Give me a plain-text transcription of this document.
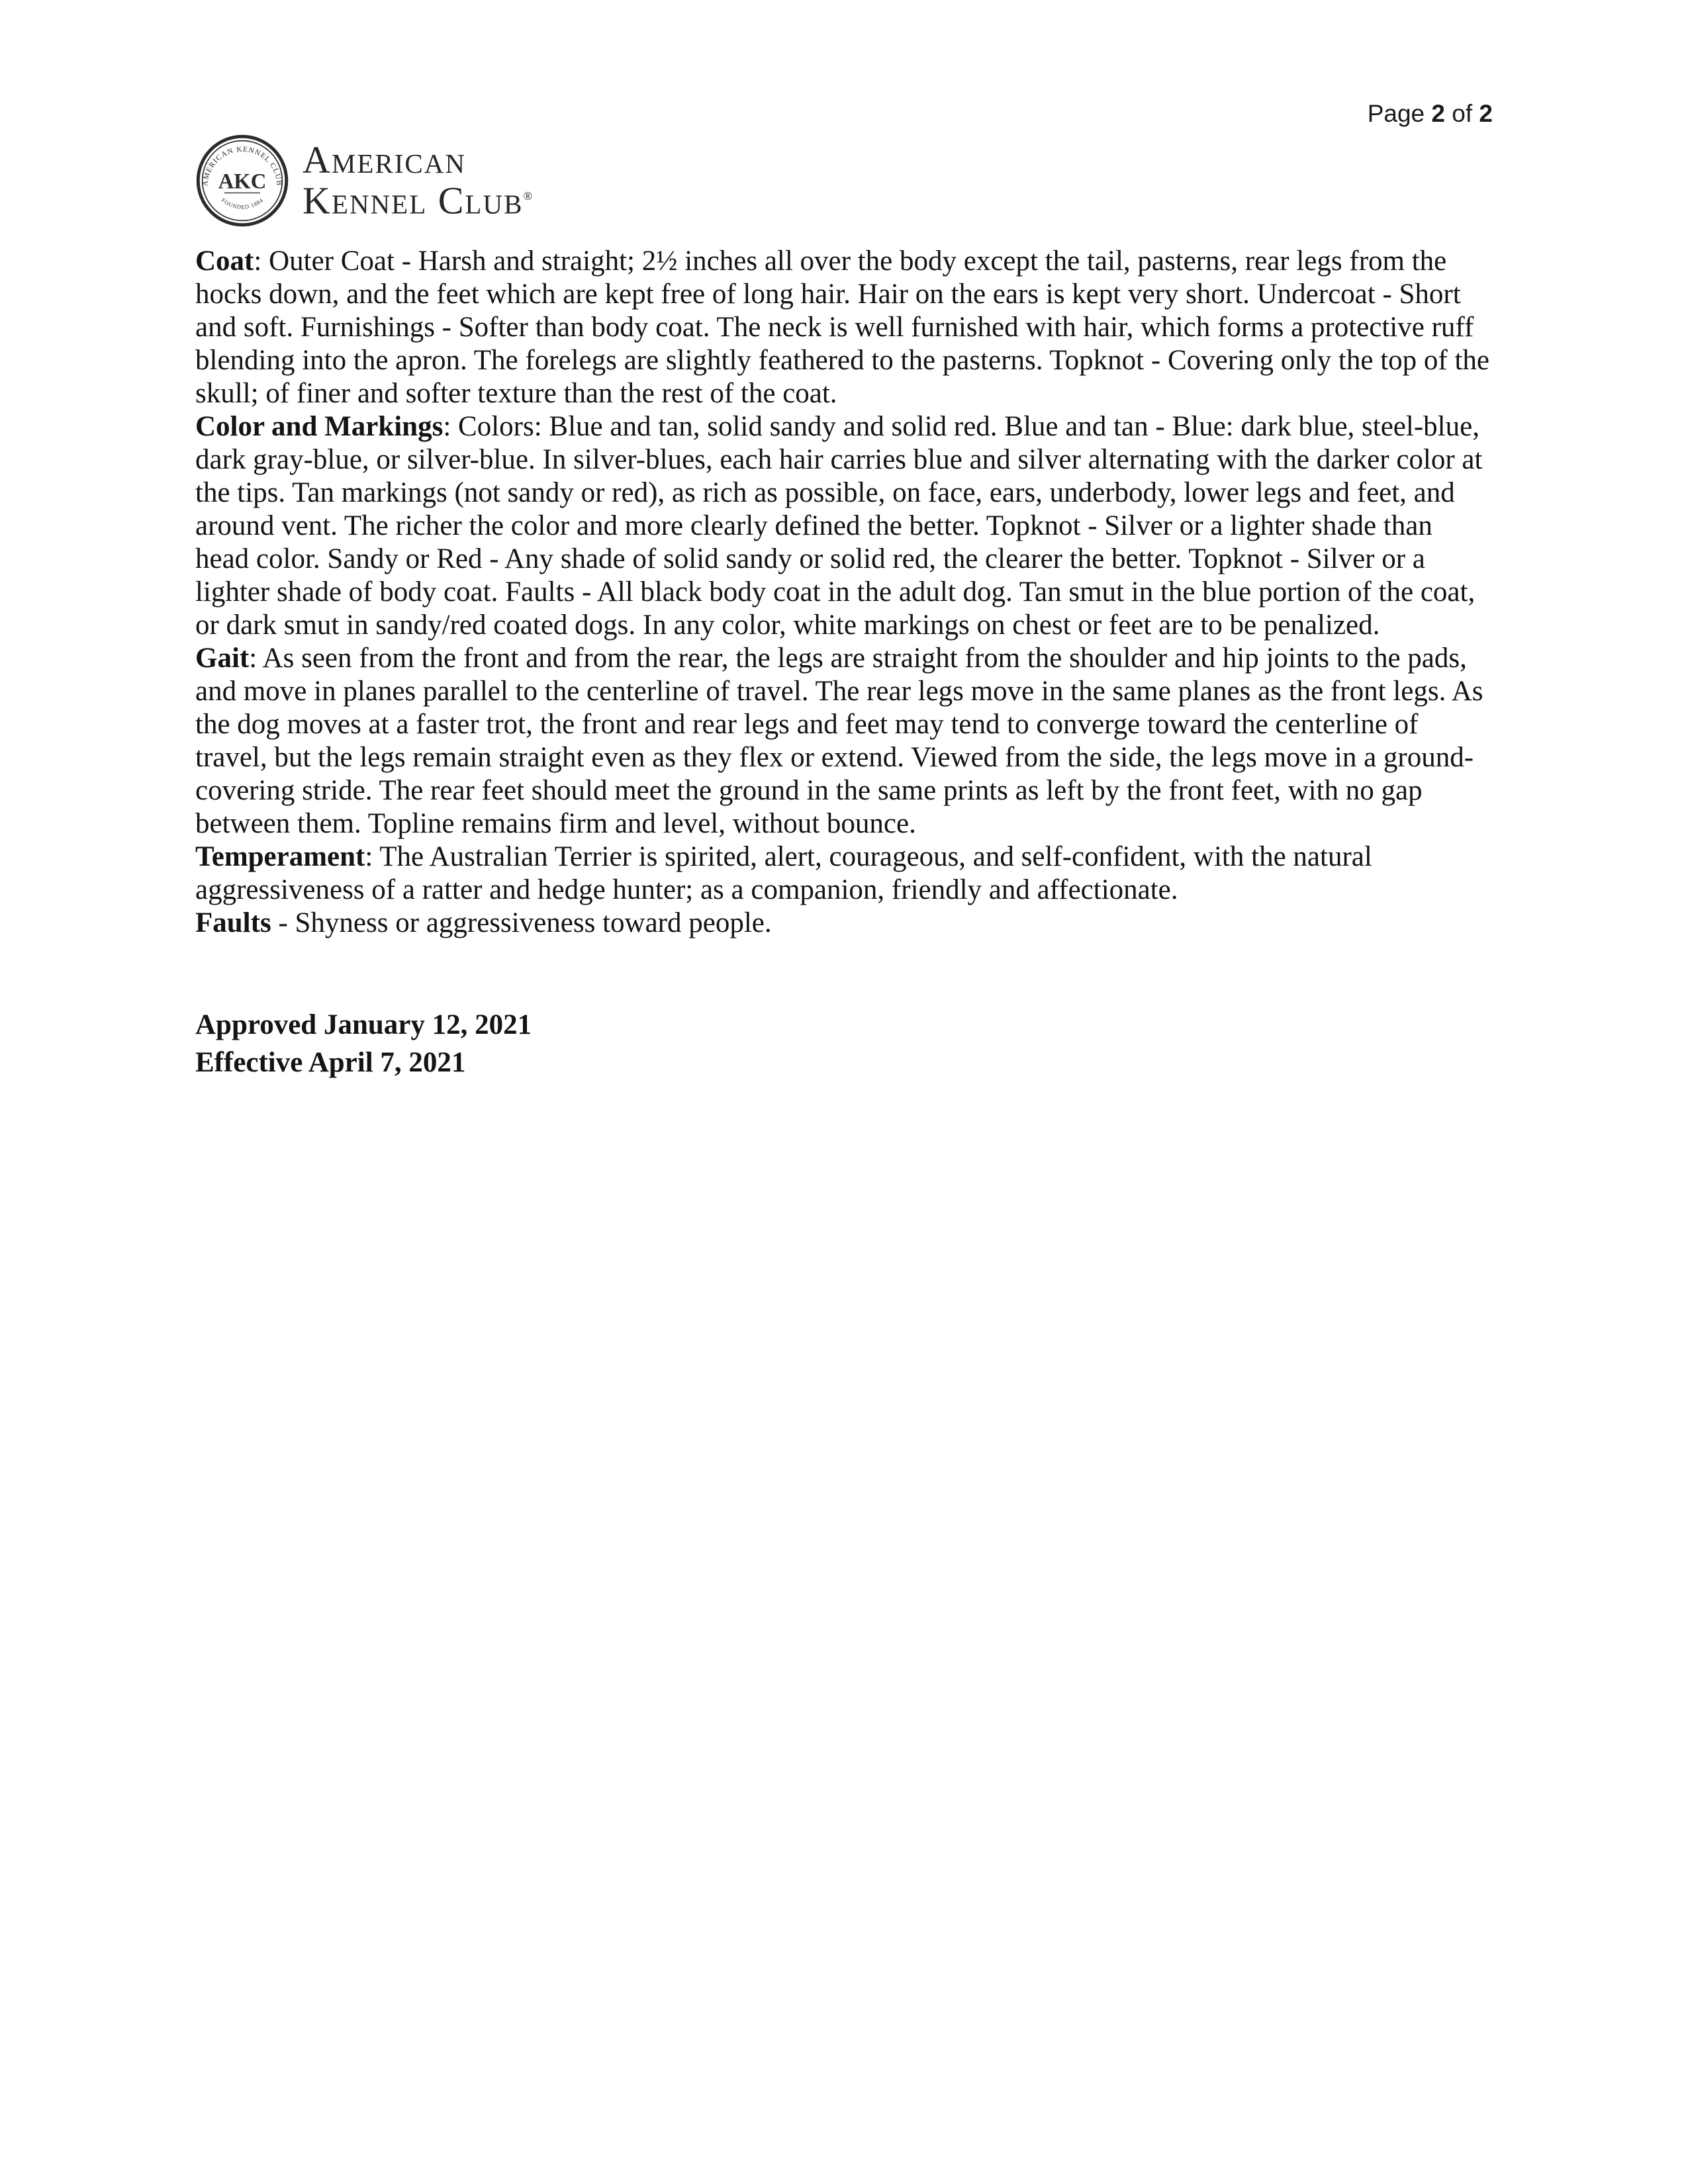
Page 2 of 2
AMERICAN KENNEL CLUB
FOUNDED 1884
AKC
American
Kennel Club®

Coat: Outer Coat - Harsh and straight; 2½ inches all over the body except the tail, pasterns, rear legs from the hocks down, and the feet which are kept free of long hair. Hair on the ears is kept very short. Undercoat - Short and soft. Furnishings - Softer than body coat. The neck is well furnished with hair, which forms a protective ruff blending into the apron. The forelegs are slightly feathered to the pasterns. Topknot - Covering only the top of the skull; of finer and softer texture than the rest of the coat.

Color and Markings: Colors: Blue and tan, solid sandy and solid red. Blue and tan - Blue: dark blue, steel-blue, dark gray-blue, or silver-blue. In silver-blues, each hair carries blue and silver alternating with the darker color at the tips. Tan markings (not sandy or red), as rich as possible, on face, ears, underbody, lower legs and feet, and around vent. The richer the color and more clearly defined the better. Topknot - Silver or a lighter shade than head color. Sandy or Red - Any shade of solid sandy or solid red, the clearer the better. Topknot - Silver or a lighter shade of body coat. Faults - All black body coat in the adult dog. Tan smut in the blue portion of the coat, or dark smut in sandy/red coated dogs. In any color, white markings on chest or feet are to be penalized.

Gait: As seen from the front and from the rear, the legs are straight from the shoulder and hip joints to the pads, and move in planes parallel to the centerline of travel. The rear legs move in the same planes as the front legs. As the dog moves at a faster trot, the front and rear legs and feet may tend to converge toward the centerline of travel, but the legs remain straight even as they flex or extend. Viewed from the side, the legs move in a ground-covering stride. The rear feet should meet the ground in the same prints as left by the front feet, with no gap between them. Topline remains firm and level, without bounce.

Temperament: The Australian Terrier is spirited, alert, courageous, and self-confident, with the natural aggressiveness of a ratter and hedge hunter; as a companion, friendly and affectionate.

Faults - Shyness or aggressiveness toward people.

Approved January 12, 2021

Effective April 7, 2021
